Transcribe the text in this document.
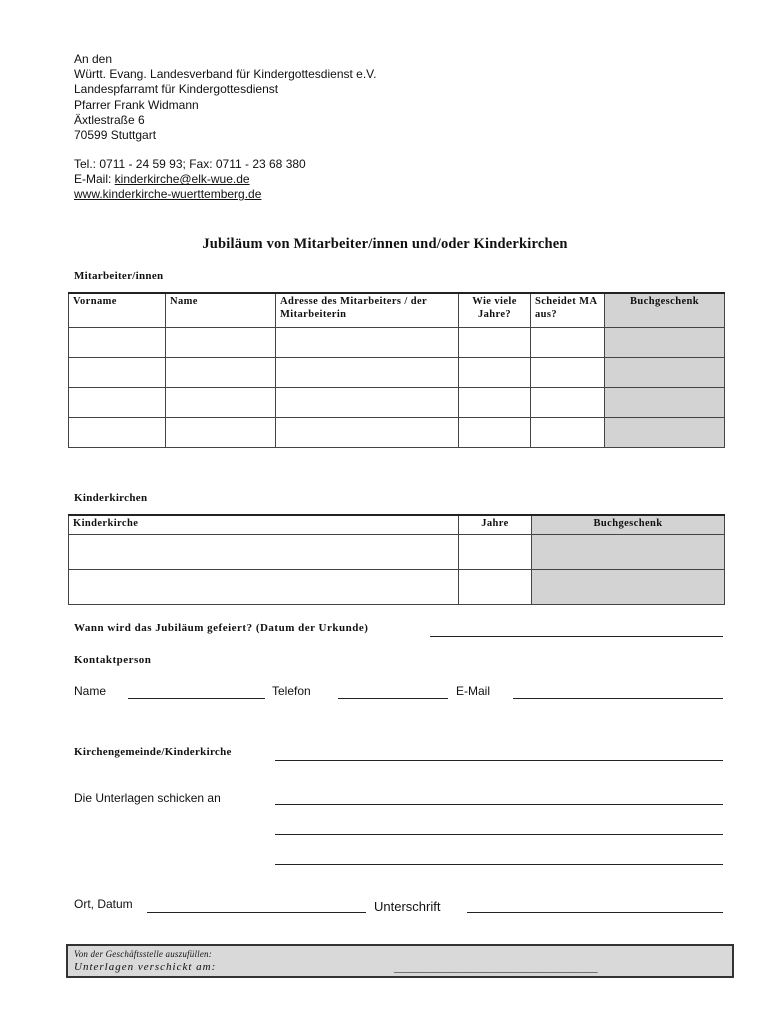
An den
Württ. Evang. Landesverband für Kindergottesdienst e.V.
Landespfarramt für Kindergottesdienst
Pfarrer Frank Widmann
Äxtlestraße 6
70599 Stuttgart
Tel.: 0711 - 24 59 93; Fax: 0711 - 23 68 380
E-Mail: kinderkirche@elk-wue.de
www.kinderkirche-wuerttemberg.de
Jubiläum von Mitarbeiter/innen und/oder Kinderkirchen
Mitarbeiter/innen
Vorname	Name	Adresse des Mitarbeiters / der Mitarbeiterin	Wie viele Jahre?	Scheidet MA aus?	Buchgeschenk

Kinderkirchen
Kinderkirche	Jahre	Buchgeschenk

Wann wird das Jubiläum gefeiert? (Datum der Urkunde)
Kontaktperson
Name	Telefon	E-Mail
Kirchengemeinde/Kinderkirche
Die Unterlagen schicken an
Ort, Datum	Unterschrift
Von der Geschäftsstelle auszufüllen:
Unterlagen verschickt am:	_____________________________________
